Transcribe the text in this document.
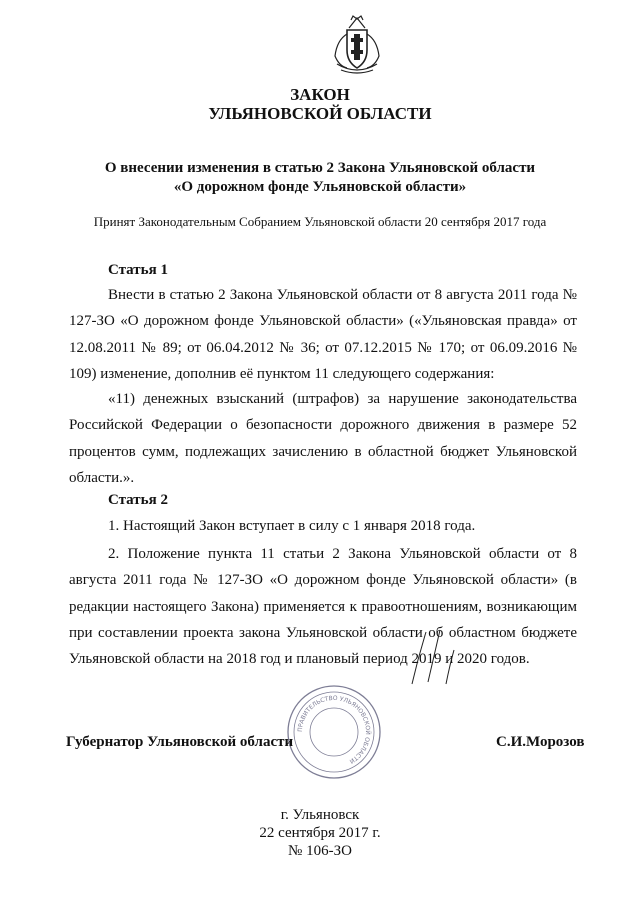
ЗАКОН
УЛЬЯНОВСКОЙ ОБЛАСТИ
О внесении изменения в статью 2 Закона Ульяновской области
«О дорожном фонде Ульяновской области»
Принят Законодательным Собранием Ульяновской области 20 сентября 2017 года
Статья 1
Внести в статью 2 Закона Ульяновской области от 8 августа 2011 года № 127-ЗО «О дорожном фонде Ульяновской области» («Ульяновская правда» от 12.08.2011 № 89; от 06.04.2012 № 36; от 07.12.2015 № 170; от 06.09.2016 № 109) изменение, дополнив её пунктом 11 следующего содержания:
«11) денежных взысканий (штрафов) за нарушение законодательства Российской Федерации о безопасности дорожного движения в размере 52 процентов сумм, подлежащих зачислению в областной бюджет Ульяновской области.».
Статья 2
1. Настоящий Закон вступает в силу с 1 января 2018 года.
2. Положение пункта 11 статьи 2 Закона Ульяновской области от 8 августа 2011 года № 127-ЗО «О дорожном фонде Ульяновской области» (в редакции настоящего Закона) применяется к правоотношениям, возникающим при составлении проекта закона Ульяновской области об областном бюджете Ульяновской области на 2018 год и плановый период 2019 и 2020 годов.
ПРАВИТЕЛЬСТВО УЛЬЯНОВСКОЙ ОБЛАСТИ
Губернатор Ульяновской области	С.И.Морозов
г. Ульяновск
22 сентября 2017 г.
№ 106-ЗО
